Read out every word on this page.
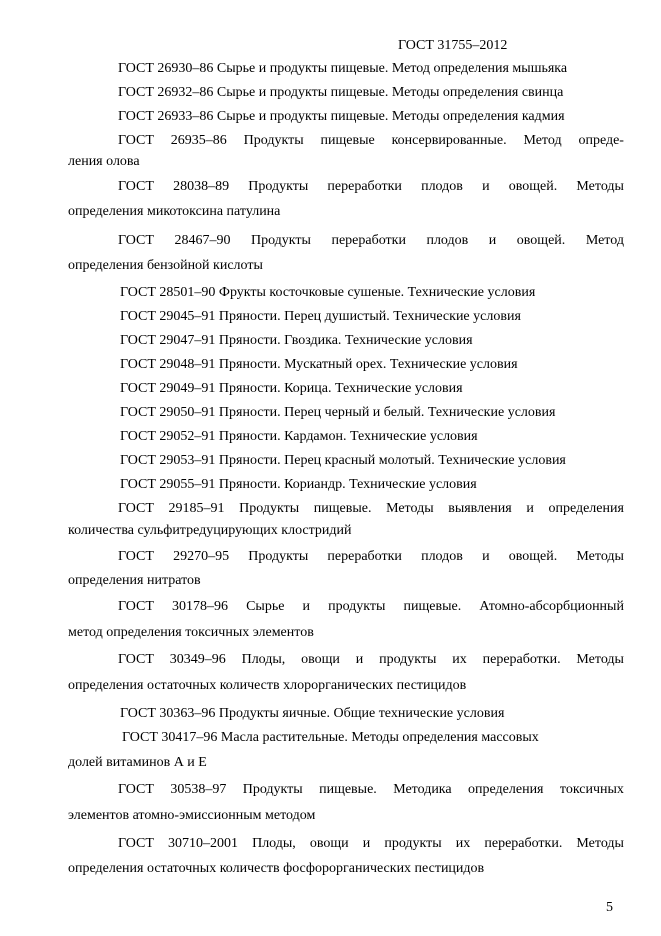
ГОСТ 31755–2012
ГОСТ 26930–86 Сырье и продукты пищевые. Метод определения мышьяка
ГОСТ 26932–86 Сырье и продукты пищевые. Методы определения свинца
ГОСТ 26933–86 Сырье и продукты пищевые. Методы определения кадмия
ГОСТ 26935–86 Продукты пищевые консервированные. Метод опреде-
ления олова
ГОСТ 28038–89 Продукты переработки плодов и овощей. Методы
определения микотоксина патулина
ГОСТ 28467–90 Продукты переработки плодов и овощей. Метод
определения бензойной кислоты
ГОСТ 28501–90 Фрукты косточковые сушеные. Технические условия
ГОСТ 29045–91 Пряности. Перец душистый. Технические условия
ГОСТ 29047–91 Пряности. Гвоздика. Технические условия
ГОСТ 29048–91 Пряности. Мускатный орех. Технические условия
ГОСТ 29049–91 Пряности. Корица. Технические условия
ГОСТ 29050–91 Пряности. Перец черный и белый. Технические условия
ГОСТ 29052–91 Пряности. Кардамон. Технические условия
ГОСТ 29053–91 Пряности. Перец красный молотый. Технические условия
ГОСТ 29055–91 Пряности. Кориандр. Технические условия
ГОСТ 29185–91 Продукты пищевые. Методы выявления и определения
количества сульфитредуцирующих клостридий
ГОСТ 29270–95 Продукты переработки плодов и овощей. Методы
определения нитратов
ГОСТ 30178–96 Сырье и продукты пищевые. Атомно-абсорбционный
метод определения токсичных элементов
ГОСТ 30349–96 Плоды, овощи и продукты их переработки. Методы
определения остаточных количеств хлорорганических пестицидов
ГОСТ 30363–96 Продукты яичные. Общие технические условия
ГОСТ 30417–96 Масла растительные. Методы определения массовых
долей витаминов А и Е
ГОСТ 30538–97 Продукты пищевые. Методика определения токсичных
элементов атомно-эмиссионным методом
ГОСТ 30710–2001 Плоды, овощи и продукты их переработки. Методы
определения остаточных количеств фосфорорганических пестицидов
5
